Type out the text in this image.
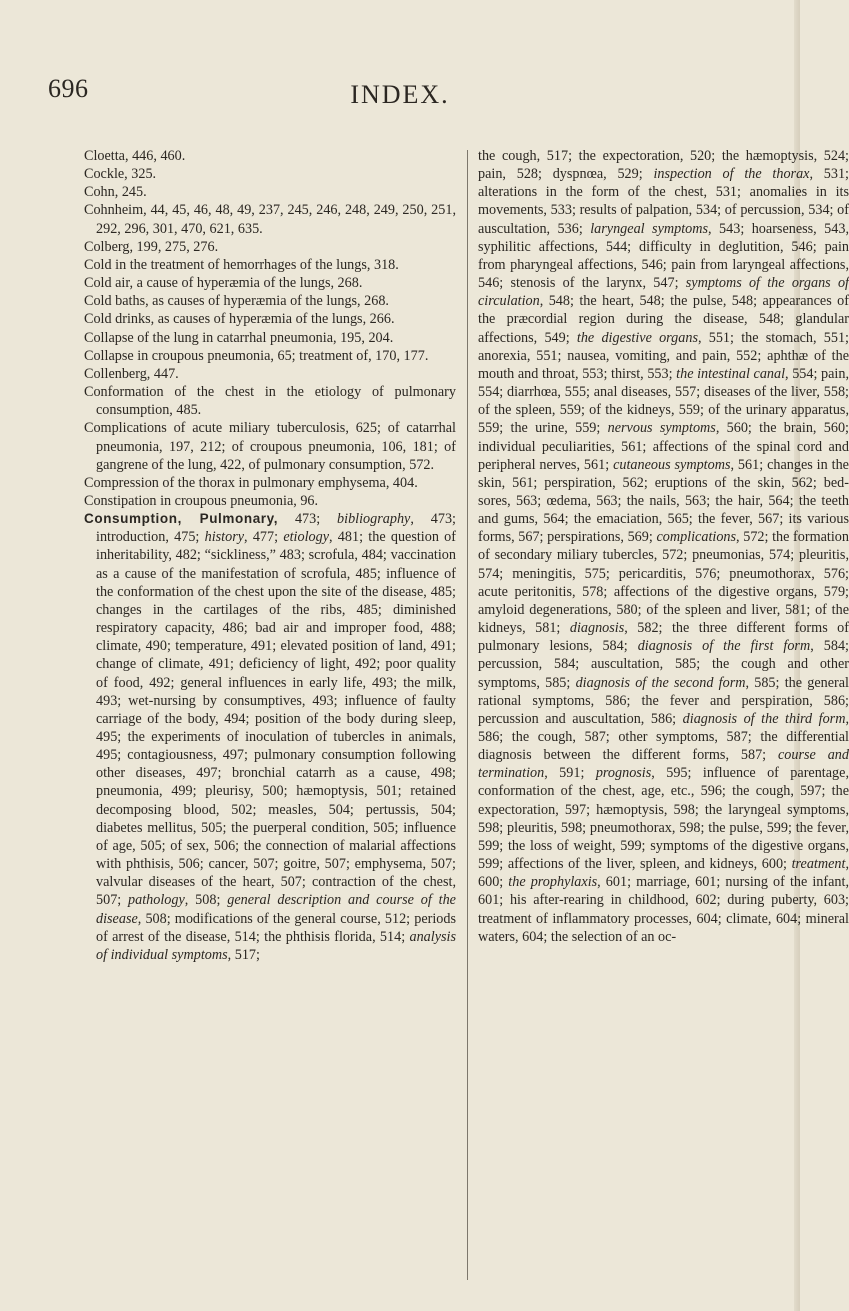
696	INDEX.
Cloetta, 446, 460.
Cockle, 325.
Cohn, 245.
Cohnheim, 44, 45, 46, 48, 49, 237, 245, 246, 248, 249, 250, 251, 292, 296, 301, 470, 621, 635.
Colberg, 199, 275, 276.
Cold in the treatment of hemorrhages of the lungs, 318.
Cold air, a cause of hyperæmia of the lungs, 268.
Cold baths, as causes of hyperæmia of the lungs, 268.
Cold drinks, as causes of hyperæmia of the lungs, 266.
Collapse of the lung in catarrhal pneumonia, 195, 204.
Collapse in croupous pneumonia, 65; treatment of, 170, 177.
Collenberg, 447.
Conformation of the chest in the etiology of pulmonary consumption, 485.
Complications of acute miliary tuberculosis, 625; of catarrhal pneumonia, 197, 212; of croupous pneumonia, 106, 181; of gangrene of the lung, 422, of pulmonary consumption, 572.
Compression of the thorax in pulmonary emphysema, 404.
Constipation in croupous pneumonia, 96.
Consumption, Pulmonary, 473; bibliography, 473; introduction, 475; history, 477; etiology, 481; the question of inheritability, 482; “sickliness,” 483; scrofula, 484; vaccination as a cause of the manifestation of scrofula, 485; influence of the conformation of the chest upon the site of the disease, 485; changes in the cartilages of the ribs, 485; diminished respiratory capacity, 486; bad air and improper food, 488; climate, 490; temperature, 491; elevated position of land, 491; change of climate, 491; deficiency of light, 492; poor quality of food, 492; general influences in early life, 493; the milk, 493; wet-nursing by consumptives, 493; influence of faulty carriage of the body, 494; position of the body during sleep, 495; the experiments of inoculation of tubercles in animals, 495; contagiousness, 497; pulmonary consumption following other diseases, 497; bronchial catarrh as a cause, 498; pneumonia, 499; pleurisy, 500; hæmoptysis, 501; retained decomposing blood, 502; measles, 504; pertussis, 504; diabetes mellitus, 505; the puerperal condition, 505; influence of age, 505; of sex, 506; the connection of malarial affections with phthisis, 506; cancer, 507; goitre, 507; emphysema, 507; valvular diseases of the heart, 507; contraction of the chest, 507; pathology, 508; general description and course of the disease, 508; modifications of the general course, 512; periods of arrest of the disease, 514; the phthisis florida, 514; analysis of individual symptoms, 517;
the cough, 517; the expectoration, 520; the hæmoptysis, 524; pain, 528; dyspnœa, 529; inspection of the thorax, 531; alterations in the form of the chest, 531; anomalies in its movements, 533; results of palpation, 534; of percussion, 534; of auscultation, 536; laryngeal symptoms, 543; hoarseness, 543, syphilitic affections, 544; difficulty in deglutition, 546; pain from pharyngeal affections, 546; pain from laryngeal affections, 546; stenosis of the larynx, 547; symptoms of the organs of circulation, 548; the heart, 548; the pulse, 548; appearances of the præcordial region during the disease, 548; glandular affections, 549; the digestive organs, 551; the stomach, 551; anorexia, 551; nausea, vomiting, and pain, 552; aphthæ of the mouth and throat, 553; thirst, 553; the intestinal canal, 554; pain, 554; diarrhœa, 555; anal diseases, 557; diseases of the liver, 558; of the spleen, 559; of the kidneys, 559; of the urinary apparatus, 559; the urine, 559; nervous symptoms, 560; the brain, 560; individual peculiarities, 561; affections of the spinal cord and peripheral nerves, 561; cutaneous symptoms, 561; changes in the skin, 561; perspiration, 562; eruptions of the skin, 562; bed-sores, 563; œdema, 563; the nails, 563; the hair, 564; the teeth and gums, 564; the emaciation, 565; the fever, 567; its various forms, 567; perspirations, 569; complications, 572; the formation of secondary miliary tubercles, 572; pneumonias, 574; pleuritis, 574; meningitis, 575; pericarditis, 576; pneumothorax, 576; acute peritonitis, 578; affections of the digestive organs, 579; amyloid degenerations, 580; of the spleen and liver, 581; of the kidneys, 581; diagnosis, 582; the three different forms of pulmonary lesions, 584; diagnosis of the first form, 584; percussion, 584; auscultation, 585; the cough and other symptoms, 585; diagnosis of the second form, 585; the general rational symptoms, 586; the fever and perspiration, 586; percussion and auscultation, 586; diagnosis of the third form, 586; the cough, 587; other symptoms, 587; the differential diagnosis between the different forms, 587; course and termination, 591; prognosis, 595; influence of parentage, conformation of the chest, age, etc., 596; the cough, 597; the expectoration, 597; hæmoptysis, 598; the laryngeal symptoms, 598; pleuritis, 598; pneumothorax, 598; the pulse, 599; the fever, 599; the loss of weight, 599; symptoms of the digestive organs, 599; affections of the liver, spleen, and kidneys, 600; treatment, 600; the prophylaxis, 601; marriage, 601; nursing of the infant, 601; his after-rearing in childhood, 602; during puberty, 603; treatment of inflammatory processes, 604; climate, 604; mineral waters, 604; the selection of an oc-
